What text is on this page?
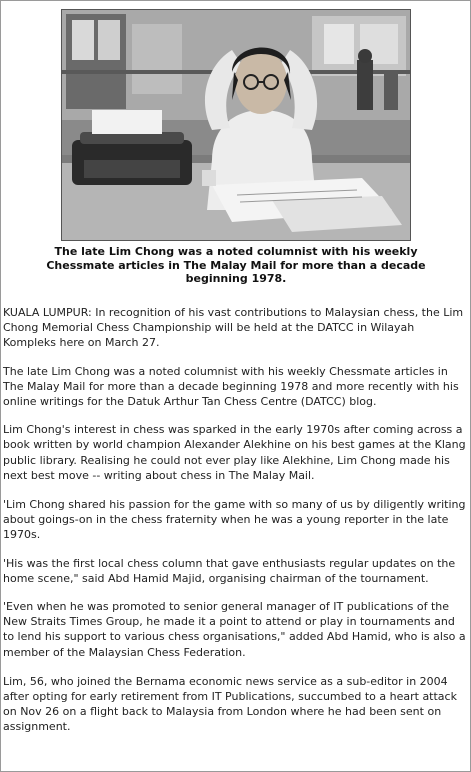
The late Lim Chong was a noted columnist with his weekly Chessmate articles in The Malay Mail for more than a decade beginning 1978.

KUALA LUMPUR: In recognition of his vast contributions to Malaysian chess, the Lim Chong Memorial Chess Championship will be held at the DATCC in Wilayah Kompleks here on March 27.

The late Lim Chong was a noted columnist with his weekly Chessmate articles in The Malay Mail for more than a decade beginning 1978 and more recently with his online writings for the Datuk Arthur Tan Chess Centre (DATCC) blog.

Lim Chong's interest in chess was sparked in the early 1970s after coming across a book written by world champion Alexander Alekhine on his best games at the Klang public library. Realising he could not ever play like Alekhine, Lim Chong made his next best move -- writing about chess in The Malay Mail.

'Lim Chong shared his passion for the game with so many of us by diligently writing about goings-on in the chess fraternity when he was a young reporter in the late 1970s.

'His was the first local chess column that gave enthusiasts regular updates on the home scene," said Abd Hamid Majid, organising chairman of the tournament.

'Even when he was promoted to senior general manager of IT publications of the New Straits Times Group, he made it a point to attend or play in tournaments and to lend his support to various chess organisations," added Abd Hamid, who is also a member of the Malaysian Chess Federation.

Lim, 56, who joined the Bernama economic news service as a sub-editor in 2004 after opting for early retirement from IT Publications, succumbed to a heart attack on Nov 26 on a flight back to Malaysia from London where he had been sent on assignment.
